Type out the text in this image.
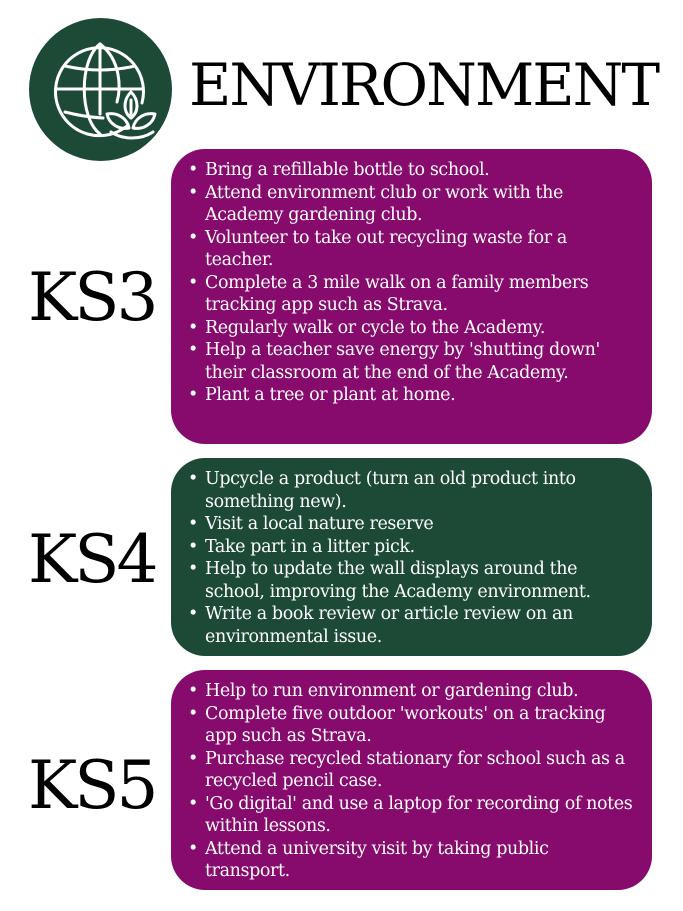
ENVIRONMENT
KS3
• Bring a refillable bottle to school.
• Attend environment club or work with the Academy gardening club.
• Volunteer to take out recycling waste for a teacher.
• Complete a 3 mile walk on a family members tracking app such as Strava.
• Regularly walk or cycle to the Academy.
• Help a teacher save energy by 'shutting down' their classroom at the end of the Academy.
• Plant a tree or plant at home.
KS4
• Upcycle a product (turn an old product into something new).
• Visit a local nature reserve
• Take part in a litter pick.
• Help to update the wall displays around the school, improving the Academy environment.
• Write a book review or article review on an environmental issue.
KS5
• Help to run environment or gardening club.
• Complete five outdoor 'workouts' on a tracking app such as Strava.
• Purchase recycled stationary for school such as a recycled pencil case.
• 'Go digital' and use a laptop for recording of notes within lessons.
• Attend a university visit by taking public transport.
